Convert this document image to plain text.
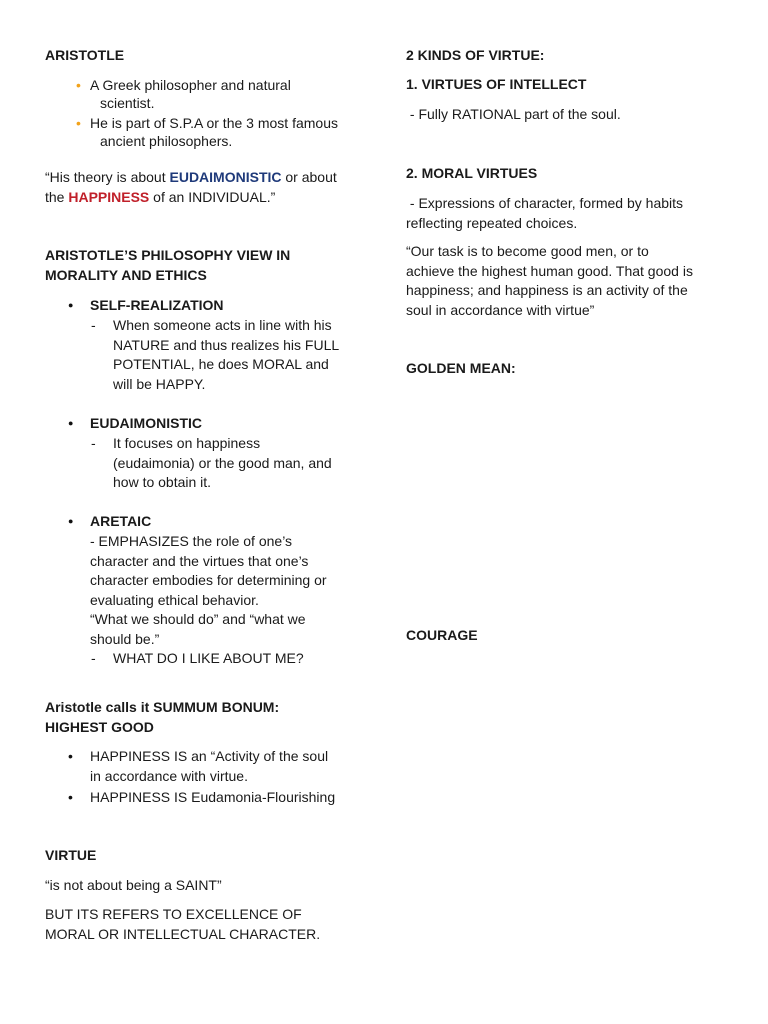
ARISTOTLE

• A Greek philosopher and natural
scientist.
• He is part of S.P.A or the 3 most famous
ancient philosophers.
“His theory is about EUDAIMONISTIC or about
the HAPPINESS of an INDIVIDUAL.”
ARISTOTLE’S PHILOSOPHY VIEW IN
MORALITY AND ETHICS

● SELF-REALIZATION

- When someone acts in line with his
NATURE and thus realizes his FULL
POTENTIAL, he does MORAL and
will be HAPPY.

● EUDAIMONISTIC

- It focuses on happiness
(eudaimonia) or the good man, and
how to obtain it.

● ARETAIC

- EMPHASIZES the role of one’s
character and the virtues that one’s
character embodies for determining or
evaluating ethical behavior.
“What we should do” and “what we
should be.”

- WHAT DO I LIKE ABOUT ME?

Aristotle calls it SUMMUM BONUM:
HIGHEST GOOD
• HAPPINESS IS an “Activity of the soul
in accordance with virtue.

• HAPPINESS IS Eudamonia-Flourishing

VIRTUE

“is not about being a SAINT”

BUT ITS REFERS TO EXCELLENCE OF
MORAL OR INTELLECTUAL CHARACTER.

2 KINDS OF VIRTUE:

1. VIRTUES OF INTELLECT

- Fully RATIONAL part of the soul.

2. MORAL VIRTUES

- Expressions of character, formed by habits
reflecting repeated choices.
“Our task is to become good men, or to
achieve the highest human good. That good is
happiness; and happiness is an activity of the
soul in accordance with virtue”

GOLDEN MEAN:

COURAGE
